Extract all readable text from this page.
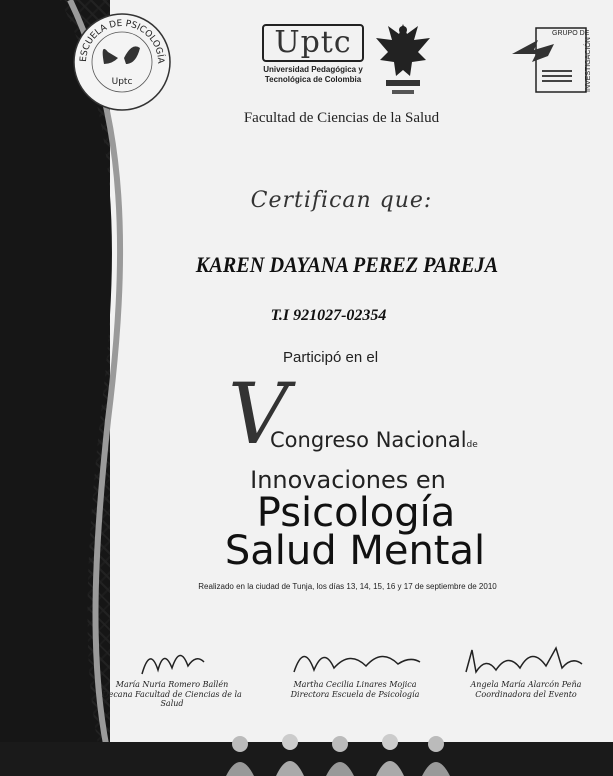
ESCUELA DE PSICOLOGÍA
Uptc
Uptc
Universidad Pedagógica y
Tecnológica de Colombia
GRUPO DE
INVESTIGACIÓN
Facultad de Ciencias de la Salud
Certifican que:
KAREN DAYANA PEREZ PAREJA
T.I 921027-02354
Participó en el
V
Congreso Nacionalde
Innovaciones en
Psicología
Salud Mental
Realizado en la ciudad de Tunja, los días 13, 14, 15, 16 y 17 de septiembre de 2010
María Nuria Romero Ballén
Decana Facultad de Ciencias de la Salud
Martha Cecilia Linares Mojica
Directora Escuela de Psicología
Angela María Alarcón Peña
Coordinadora del Evento
